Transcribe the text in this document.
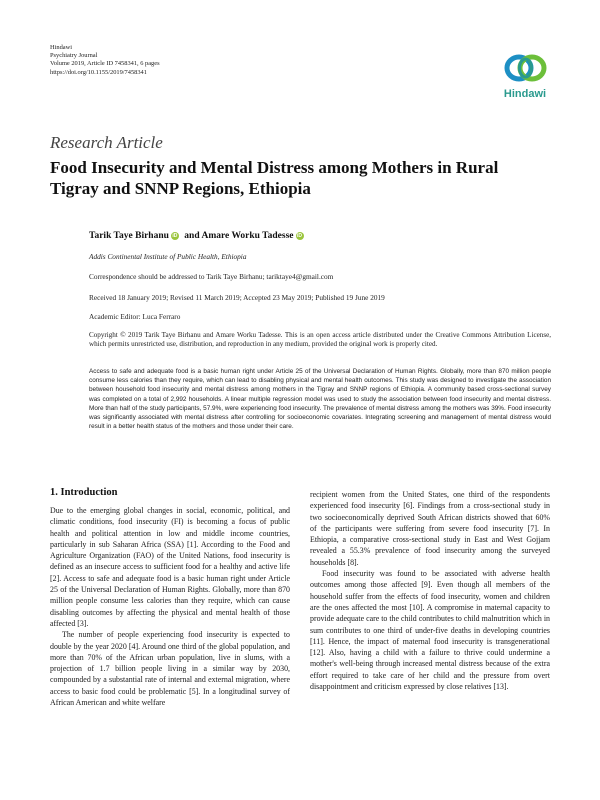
Hindawi
Psychiatry Journal
Volume 2019, Article ID 7458341, 6 pages
https://doi.org/10.1155/2019/7458341
Hindawi
Research Article
Food Insecurity and Mental Distress among Mothers in Rural Tigray and SNNP Regions, Ethiopia
Tarik Taye Birhanu iD and Amare Worku Tadesse iD
Addis Continental Institute of Public Health, Ethiopia
Correspondence should be addressed to Tarik Taye Birhanu; tariktaye4@gmail.com
Received 18 January 2019; Revised 11 March 2019; Accepted 23 May 2019; Published 19 June 2019
Academic Editor: Luca Ferraro
Copyright © 2019 Tarik Taye Birhanu and Amare Worku Tadesse. This is an open access article distributed under the Creative Commons Attribution License, which permits unrestricted use, distribution, and reproduction in any medium, provided the original work is properly cited.
Access to safe and adequate food is a basic human right under Article 25 of the Universal Declaration of Human Rights. Globally, more than 870 million people consume less calories than they require, which can lead to disabling physical and mental health outcomes. This study was designed to investigate the association between household food insecurity and mental distress among mothers in the Tigray and SNNP regions of Ethiopia. A community based cross-sectional survey was completed on a total of 2,992 households. A linear multiple regression model was used to study the association between food insecurity and mental distress. More than half of the study participants, 57.9%, were experiencing food insecurity. The prevalence of mental distress among the mothers was 39%. Food insecurity was significantly associated with mental distress after controlling for socioeconomic covariates. Integrating screening and management of mental distress would result in a better health status of the mothers and those under their care.
1. Introduction

Due to the emerging global changes in social, economic, political, and climatic conditions, food insecurity (FI) is becoming a focus of public health and political attention in low and middle income countries, particularly in sub Saharan Africa (SSA) [1]. According to the Food and Agriculture Organization (FAO) of the United Nations, food insecurity is defined as an insecure access to sufficient food for a healthy and active life [2]. Access to safe and adequate food is a basic human right under Article 25 of the Universal Declaration of Human Rights. Globally, more than 870 million people consume less calories than they require, which can cause disabling outcomes by affecting the physical and mental health of those affected [3].

The number of people experiencing food insecurity is expected to double by the year 2020 [4]. Around one third of the global population, and more than 70% of the African urban population, live in slums, with a projection of 1.7 billion people living in a similar way by 2030, compounded by a substantial rate of internal and external migration, where access to basic food could be problematic [5]. In a longitudinal survey of African American and white welfare

recipient women from the United States, one third of the respondents experienced food insecurity [6]. Findings from a cross-sectional study in two socioeconomically deprived South African districts showed that 60% of the participants were suffering from severe food insecurity [7]. In Ethiopia, a comparative cross-sectional study in East and West Gojjam revealed a 55.3% prevalence of food insecurity among the surveyed households [8].

Food insecurity was found to be associated with adverse health outcomes among those affected [9]. Even though all members of the household suffer from the effects of food insecurity, women and children are the ones affected the most [10]. A compromise in maternal capacity to provide adequate care to the child contributes to child malnutrition which in sum contributes to one third of under-five deaths in developing countries [11]. Hence, the impact of maternal food insecurity is transgenerational [12]. Also, having a child with a failure to thrive could undermine a mother's well-being through increased mental distress because of the extra effort required to take care of her child and the pressure from overt disappointment and criticism expressed by close relatives [13].
